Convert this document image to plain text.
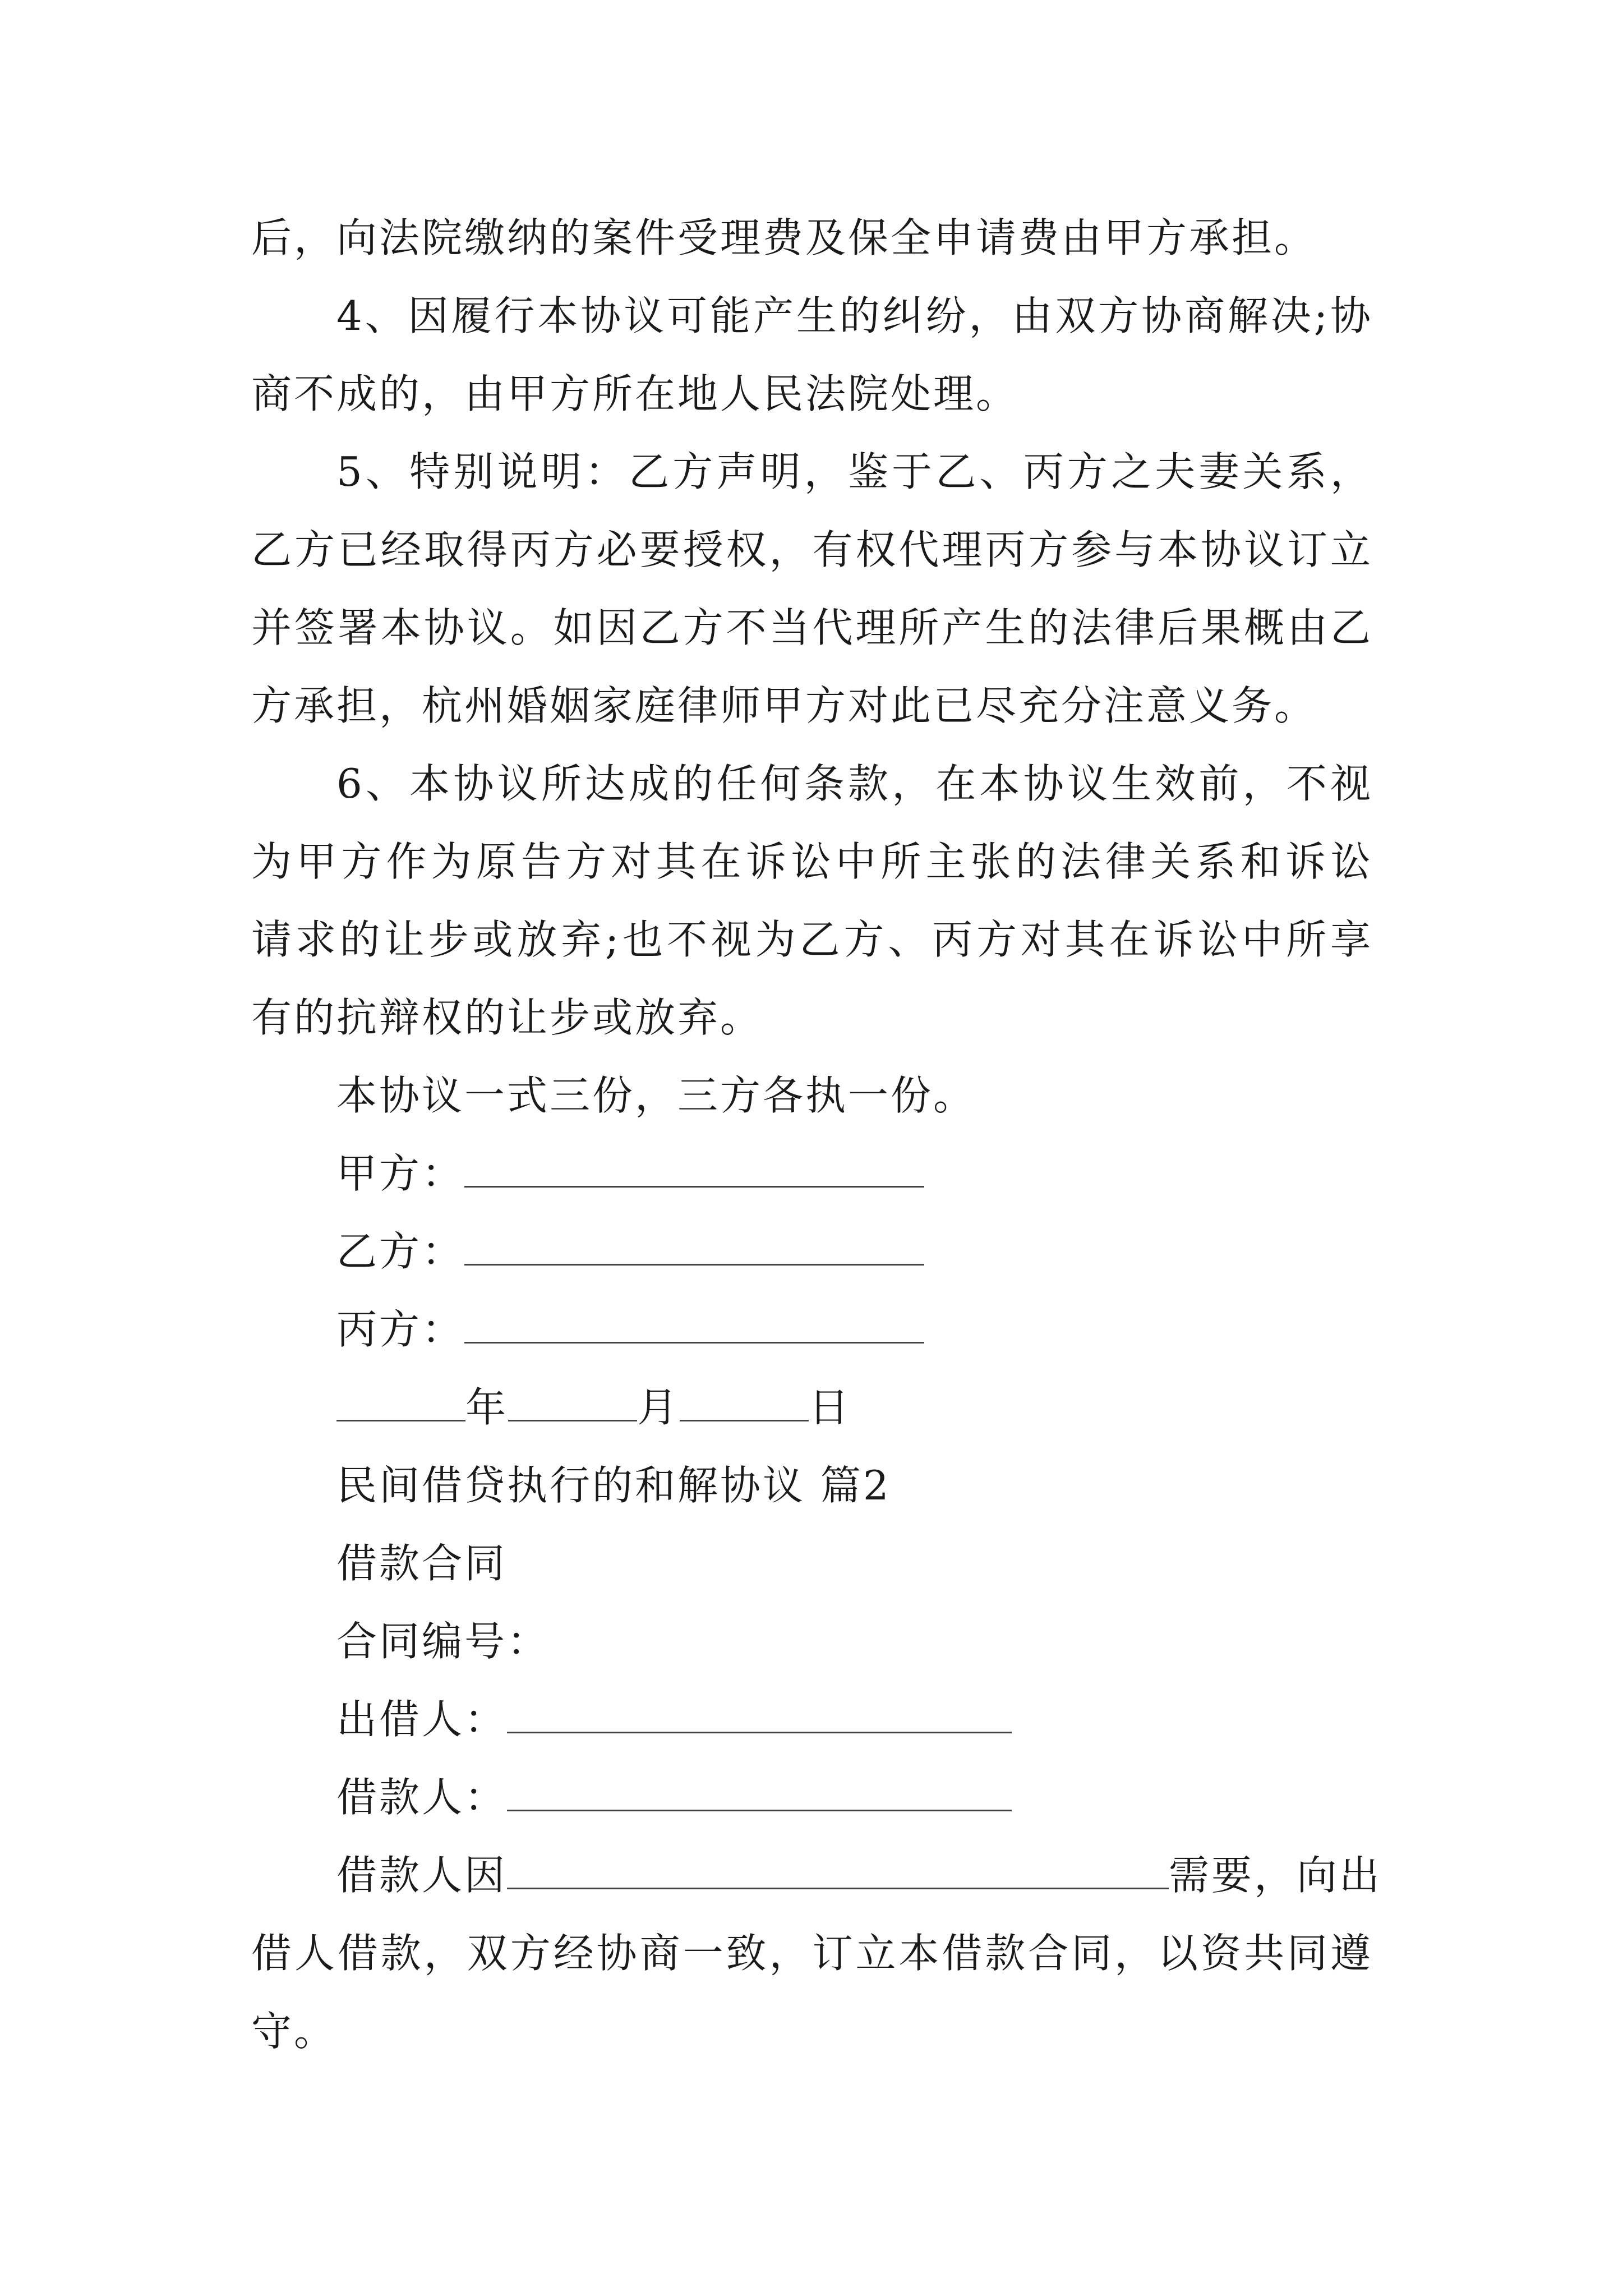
后，向法院缴纳的案件受理费及保全申请费由甲方承担。
4、因履行本协议可能产生的纠纷，由双方协商解决;协
商不成的，由甲方所在地人民法院处理。
5、特别说明：乙方声明，鉴于乙、丙方之夫妻关系，
乙方已经取得丙方必要授权，有权代理丙方参与本协议订立
并签署本协议。如因乙方不当代理所产生的法律后果概由乙
方承担，杭州婚姻家庭律师甲方对此已尽充分注意义务。
6、本协议所达成的任何条款，在本协议生效前，不视
为甲方作为原告方对其在诉讼中所主张的法律关系和诉讼
请求的让步或放弃;也不视为乙方、丙方对其在诉讼中所享
有的抗辩权的让步或放弃。
本协议一式三份，三方各执一份。
甲方：
乙方：
丙方：
年	月	日
民间借贷执行的和解协议 篇2
借款合同
合同编号：
出借人：
借款人：
借款人因	需要，向出
借人借款，双方经协商一致，订立本借款合同，以资共同遵
守。
